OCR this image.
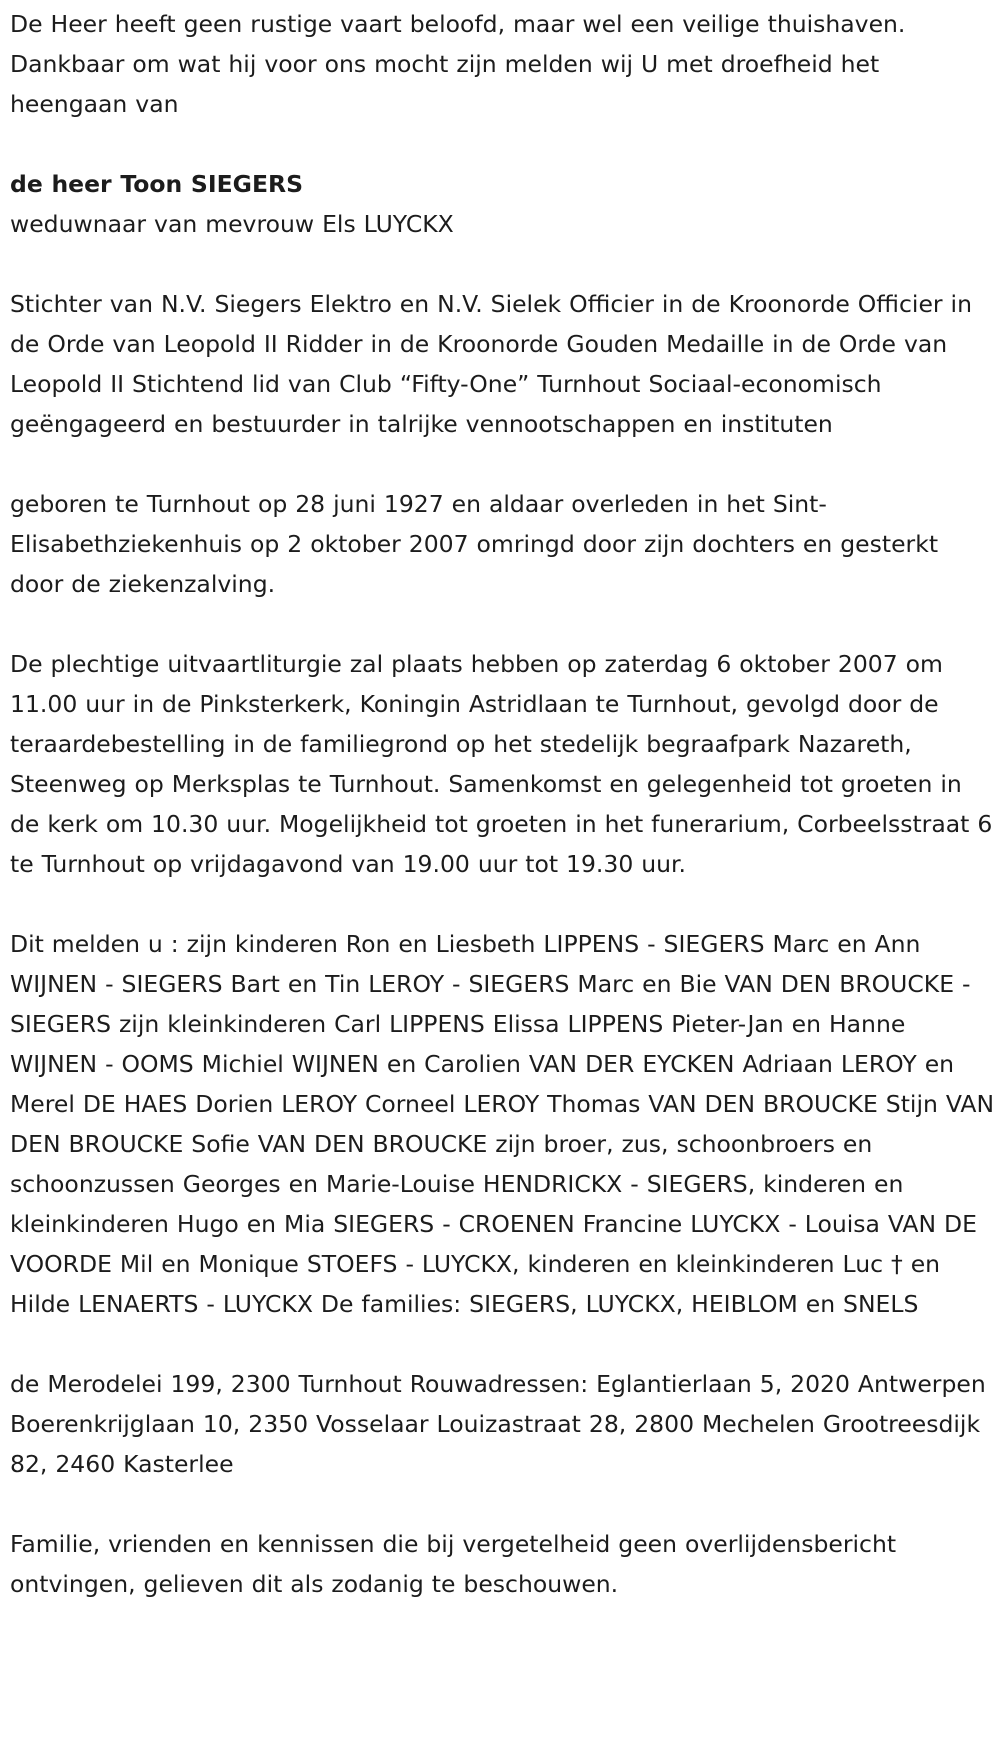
De Heer heeft geen rustige vaart beloofd, maar wel een veilige thuishaven. Dankbaar om wat hij voor ons mocht zijn melden wij U met droefheid het heengaan van

de heer Toon SIEGERS

weduwnaar van mevrouw Els LUYCKX

Stichter van N.V. Siegers Elektro en N.V. Sielek Officier in de Kroonorde Officier in de Orde van Leopold II Ridder in de Kroonorde Gouden Medaille in de Orde van Leopold II Stichtend lid van Club “Fifty-One” Turnhout Sociaal-economisch geëngageerd en bestuurder in talrijke vennootschappen en instituten

geboren te Turnhout op 28 juni 1927 en aldaar overleden in het Sint-Elisabethziekenhuis op 2 oktober 2007 omringd door zijn dochters en gesterkt door de ziekenzalving.

De plechtige uitvaartliturgie zal plaats hebben op zaterdag 6 oktober 2007 om 11.00 uur in de Pinksterkerk, Koningin Astridlaan te Turnhout, gevolgd door de teraardebestelling in de familiegrond op het stedelijk begraafpark Nazareth, Steenweg op Merksplas te Turnhout. Samenkomst en gelegenheid tot groeten in de kerk om 10.30 uur. Mogelijkheid tot groeten in het funerarium, Corbeelsstraat 6 te Turnhout op vrijdagavond van 19.00 uur tot 19.30 uur.

Dit melden u : zijn kinderen Ron en Liesbeth LIPPENS - SIEGERS Marc en Ann WIJNEN - SIEGERS Bart en Tin LEROY - SIEGERS Marc en Bie VAN DEN BROUCKE - SIEGERS zijn kleinkinderen Carl LIPPENS Elissa LIPPENS Pieter-Jan en Hanne WIJNEN - OOMS Michiel WIJNEN en Carolien VAN DER EYCKEN Adriaan LEROY en Merel DE HAES Dorien LEROY Corneel LEROY Thomas VAN DEN BROUCKE Stijn VAN DEN BROUCKE Sofie VAN DEN BROUCKE zijn broer, zus, schoonbroers en schoonzussen Georges en Marie-Louise HENDRICKX - SIEGERS, kinderen en kleinkinderen Hugo en Mia SIEGERS - CROENEN Francine LUYCKX - Louisa VAN DE VOORDE Mil en Monique STOEFS - LUYCKX, kinderen en kleinkinderen Luc † en Hilde LENAERTS - LUYCKX De families: SIEGERS, LUYCKX, HEIBLOM en SNELS

de Merodelei 199, 2300 Turnhout Rouwadressen: Eglantierlaan 5, 2020 Antwerpen Boerenkrijglaan 10, 2350 Vosselaar Louizastraat 28, 2800 Mechelen Grootreesdijk 82, 2460 Kasterlee

Familie, vrienden en kennissen die bij vergetelheid geen overlijdensbericht ontvingen, gelieven dit als zodanig te beschouwen.
